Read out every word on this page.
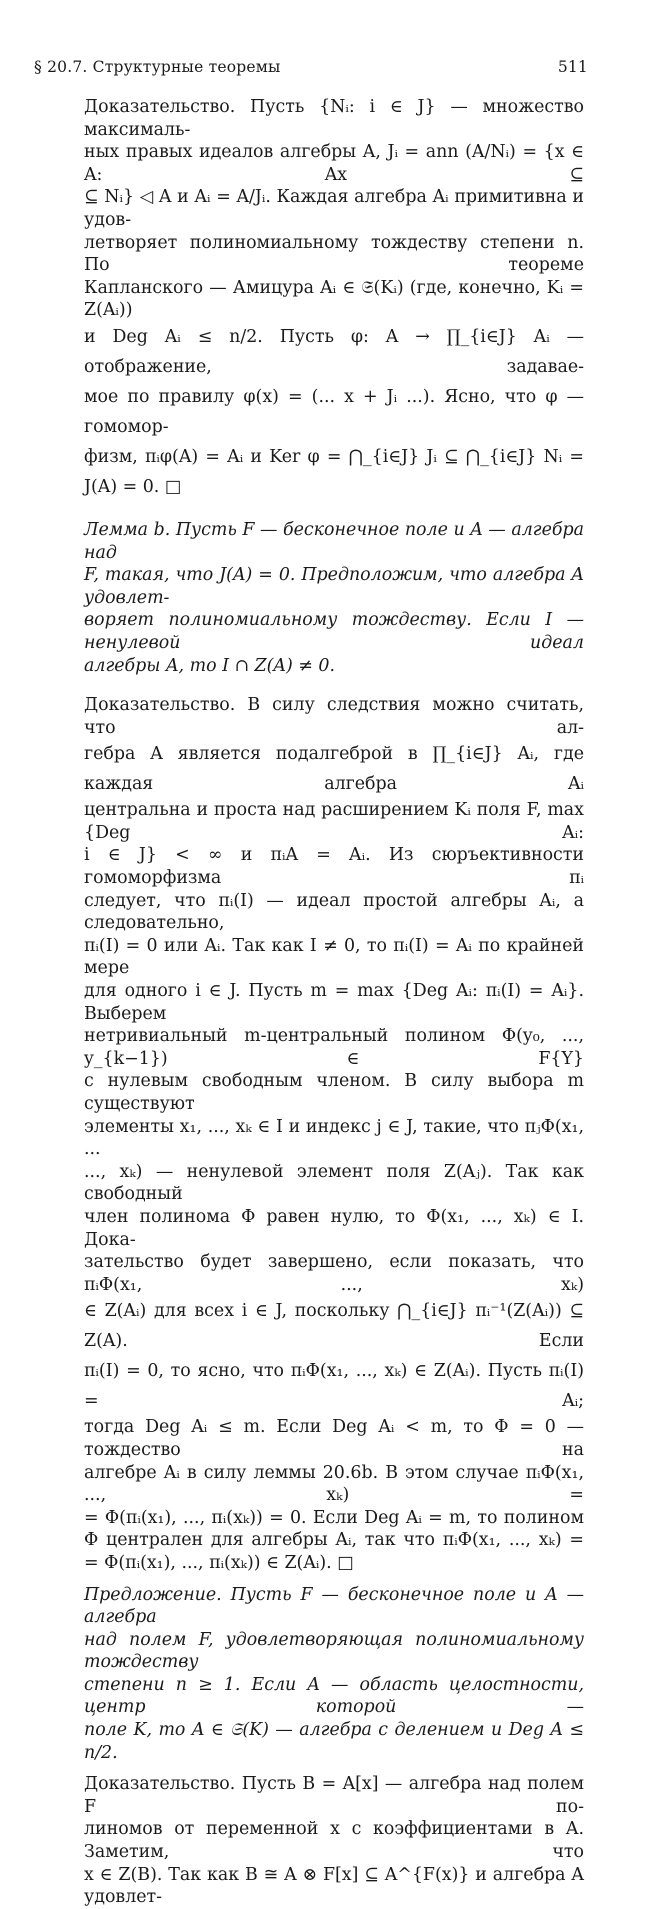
§ 20.7. Структурные теоремы	511

Доказательство. Пусть {Nᵢ: i ∈ J} — множество максималь-

ных правых идеалов алгебры A, Jᵢ = ann (A/Nᵢ) = {x ∈ A: Ax ⊆

⊆ Nᵢ} ◁ A и Aᵢ = A/Jᵢ. Каждая алгебра Aᵢ примитивна и удов-

летворяет полиномиальному тождеству степени n. По теореме

Капланского — Амицура Aᵢ ∈ 𝔖(Kᵢ) (где, конечно, Kᵢ = Z(Aᵢ))

и Deg Aᵢ ≤ n/2. Пусть φ: A → ∏_{i∈J} Aᵢ — отображение, задавае-

мое по правилу φ(x) = (... x + Jᵢ ...). Ясно, что φ — гомомор-

физм, πᵢφ(A) = Aᵢ и Ker φ = ⋂_{i∈J} Jᵢ ⊆ ⋂_{i∈J} Nᵢ = J(A) = 0. □

Лемма b. Пусть F — бесконечное поле и A — алгебра над

F, такая, что J(A) = 0. Предположим, что алгебра A удовлет-

воряет полиномиальному тождеству. Если I — ненулевой идеал

алгебры A, то I ∩ Z(A) ≠ 0.

Доказательство. В силу следствия можно считать, что ал-

гебра A является подалгеброй в ∏_{i∈J} Aᵢ, где каждая алгебра Aᵢ

центральна и проста над расширением Kᵢ поля F, max {Deg Aᵢ:

i ∈ J} < ∞ и πᵢA = Aᵢ. Из сюръективности гомоморфизма πᵢ

следует, что πᵢ(I) — идеал простой алгебры Aᵢ, а следовательно,

πᵢ(I) = 0 или Aᵢ. Так как I ≠ 0, то πᵢ(I) = Aᵢ по крайней мере

для одного i ∈ J. Пусть m = max {Deg Aᵢ: πᵢ(I) = Aᵢ}. Выберем

нетривиальный m-центральный полином Φ(y₀, ..., y_{k−1}) ∈ F{Y}

с нулевым свободным членом. В силу выбора m существуют

элементы x₁, ..., xₖ ∈ I и индекс j ∈ J, такие, что πⱼΦ(x₁, ...

..., xₖ) — ненулевой элемент поля Z(Aⱼ). Так как свободный

член полинома Φ равен нулю, то Φ(x₁, ..., xₖ) ∈ I. Дока-

зательство будет завершено, если показать, что πᵢΦ(x₁, ..., xₖ)

∈ Z(Aᵢ) для всех i ∈ J, поскольку ⋂_{i∈J} πᵢ⁻¹(Z(Aᵢ)) ⊆ Z(A). Если

πᵢ(I) = 0, то ясно, что πᵢΦ(x₁, ..., xₖ) ∈ Z(Aᵢ). Пусть πᵢ(I) = Aᵢ;

тогда Deg Aᵢ ≤ m. Если Deg Aᵢ < m, то Φ = 0 — тождество на

алгебре Aᵢ в силу леммы 20.6b. В этом случае πᵢΦ(x₁, ..., xₖ) =

= Φ(πᵢ(x₁), ..., πᵢ(xₖ)) = 0. Если Deg Aᵢ = m, то полином

Φ централен для алгебры Aᵢ, так что πᵢΦ(x₁, ..., xₖ) =

= Φ(πᵢ(x₁), ..., πᵢ(xₖ)) ∈ Z(Aᵢ). □

Предложение. Пусть F — бесконечное поле и A — алгебра

над полем F, удовлетворяющая полиномиальному тождеству

степени n ≥ 1. Если A — область целостности, центр которой —

поле K, то A ∈ 𝔖(K) — алгебра с делением и Deg A ≤ n/2.

Доказательство. Пусть B = A[x] — алгебра над полем F по-

линомов от переменной x с коэффициентами в A. Заметим, что

x ∈ Z(B). Так как B ≅ A ⊗ F[x] ⊆ A^{F(x)} и алгебра A удовлет-
